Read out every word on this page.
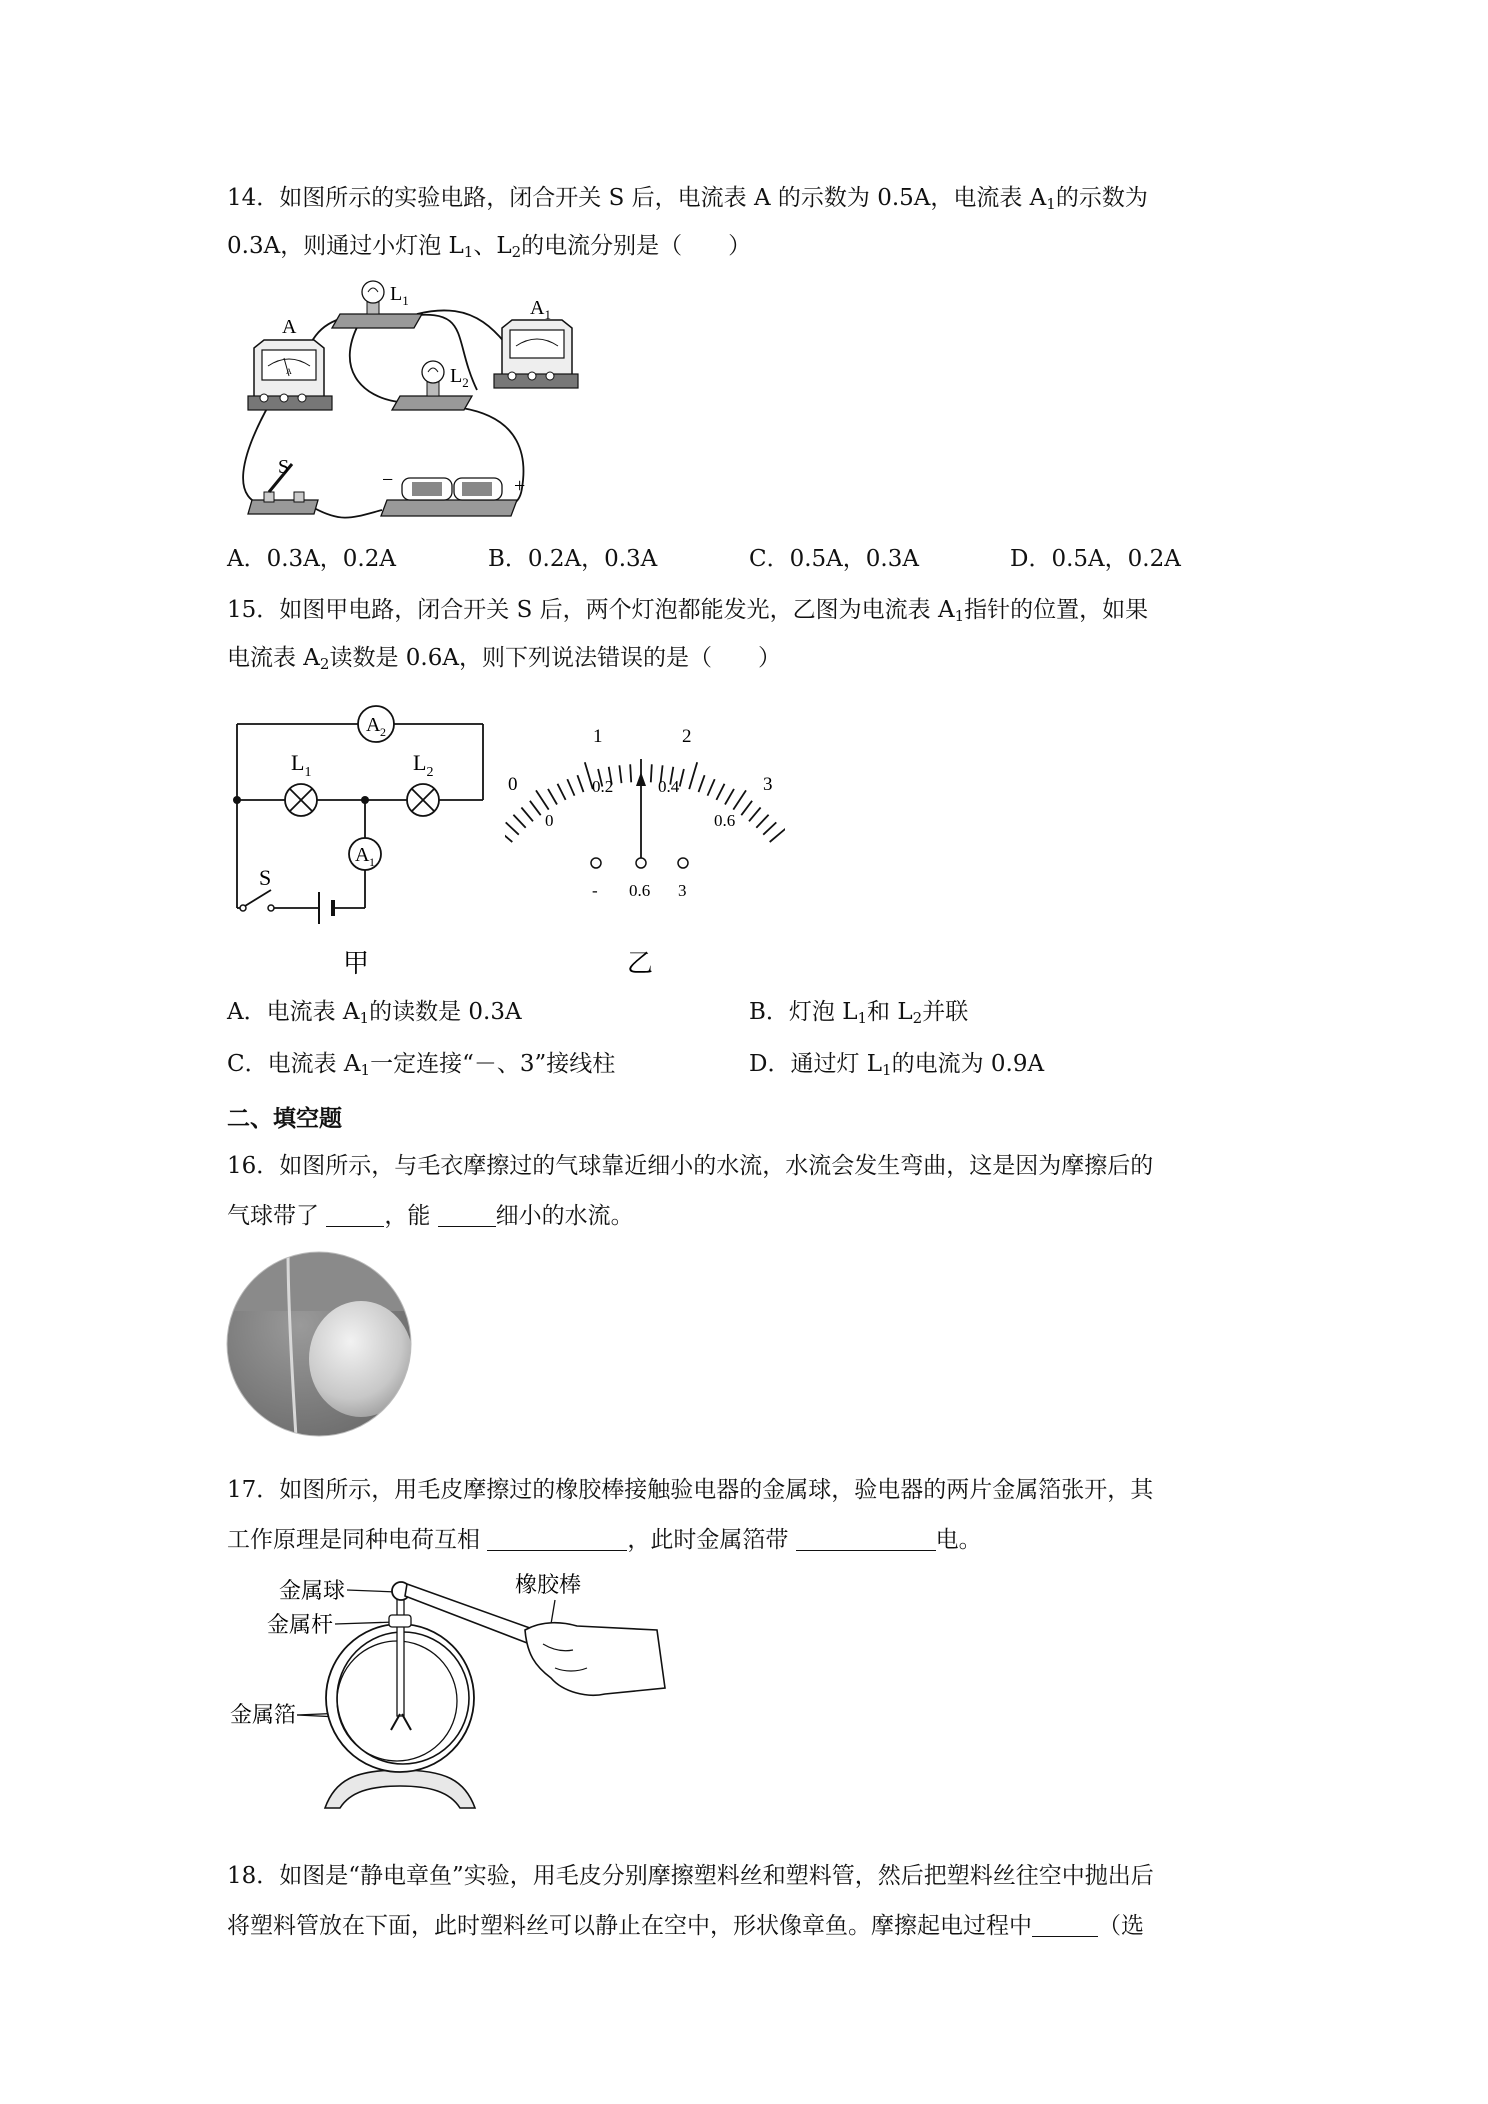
14．如图所示的实验电路，闭合开关 S 后，电流表 A 的示数为 0.5A，电流表 $A_1$的示数为
0.3A，则通过小灯泡 $L_1$、$L_2$的电流分别是（　　）
A
A
$L_1$
$L_2$
$A_1$
S
−	+
A．0.3A，0.2A	B．0.2A，0.3A	C．0.5A，0.3A	D．0.5A，0.2A
15．如图甲电路，闭合开关 S 后，两个灯泡都能发光，乙图为电流表 $A_1$指针的位置，如果
电流表 $A_2$读数是 0.6A，则下列说法错误的是（　　）
A 2
$L_1$	$L_2$
A 1
S
甲
0
1	2
3
0
0.2	0.4
0.6
- 0.6 3
乙
A．电流表 $A_1$的读数是 0.3A	B．灯泡 $L_1$和 $L_2$并联
C．电流表 $A_1$一定连接“－、3”接线柱	D．通过灯 $L_1$的电流为 0.9A
二、填空题
16．如图所示，与毛衣摩擦过的气球靠近细小的水流，水流会发生弯曲，这是因为摩擦后的
气球带了	，能	细小的水流。
17．如图所示，用毛皮摩擦过的橡胶棒接触验电器的金属球，验电器的两片金属箔张开，其
工作原理是同种电荷互相	，此时金属箔带	电。
金属球
金属杆
金属箔
橡胶棒
18．如图是“静电章鱼”实验，用毛皮分别摩擦塑料丝和塑料管，然后把塑料丝往空中抛出后
将塑料管放在下面，此时塑料丝可以静止在空中，形状像章鱼。摩擦起电过程中	（选
